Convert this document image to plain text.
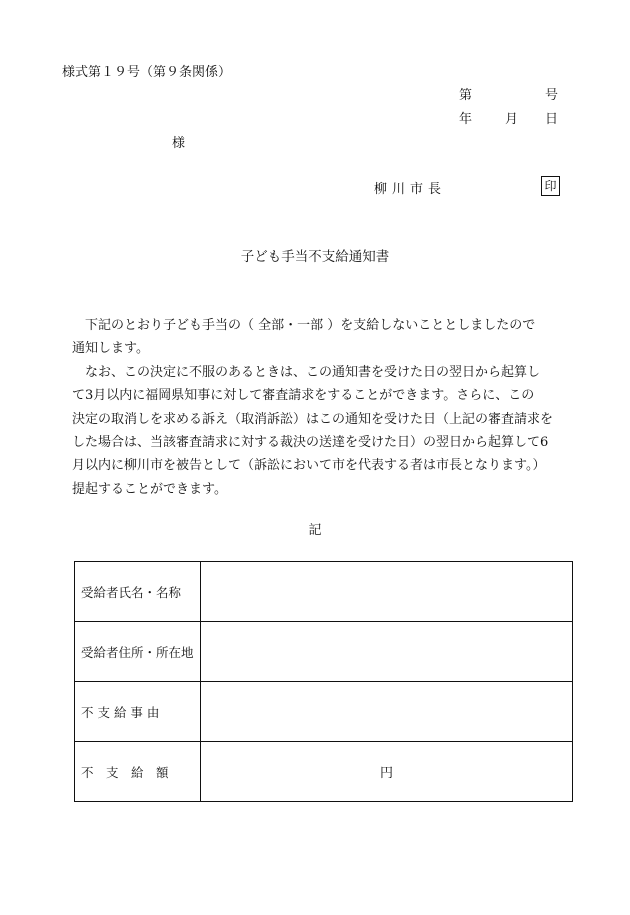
様式第１９号（第９条関係）
第	号
年	月 日
様
柳川市長	印
子ども手当不支給通知書

　下記のとおり子ども手当の（ 全部・一部 ）を支給しないこととしましたので

通知します。

　なお、この決定に不服のあるときは、この通知書を受けた日の翌日から起算し

て3月以内に福岡県知事に対して審査請求をすることができます。さらに、この

決定の取消しを求める訴え（取消訴訟）はこの通知を受けた日（上記の審査請求を

した場合は、当該審査請求に対する裁決の送達を受けた日）の翌日から起算して6

月以内に柳川市を被告として（訴訟において市を代表する者は市長となります。）

提起することができます。

記
受給者氏名・名称	
受給者住所・所在地	
不 支 給 事 由	
不　支　給　額	円
